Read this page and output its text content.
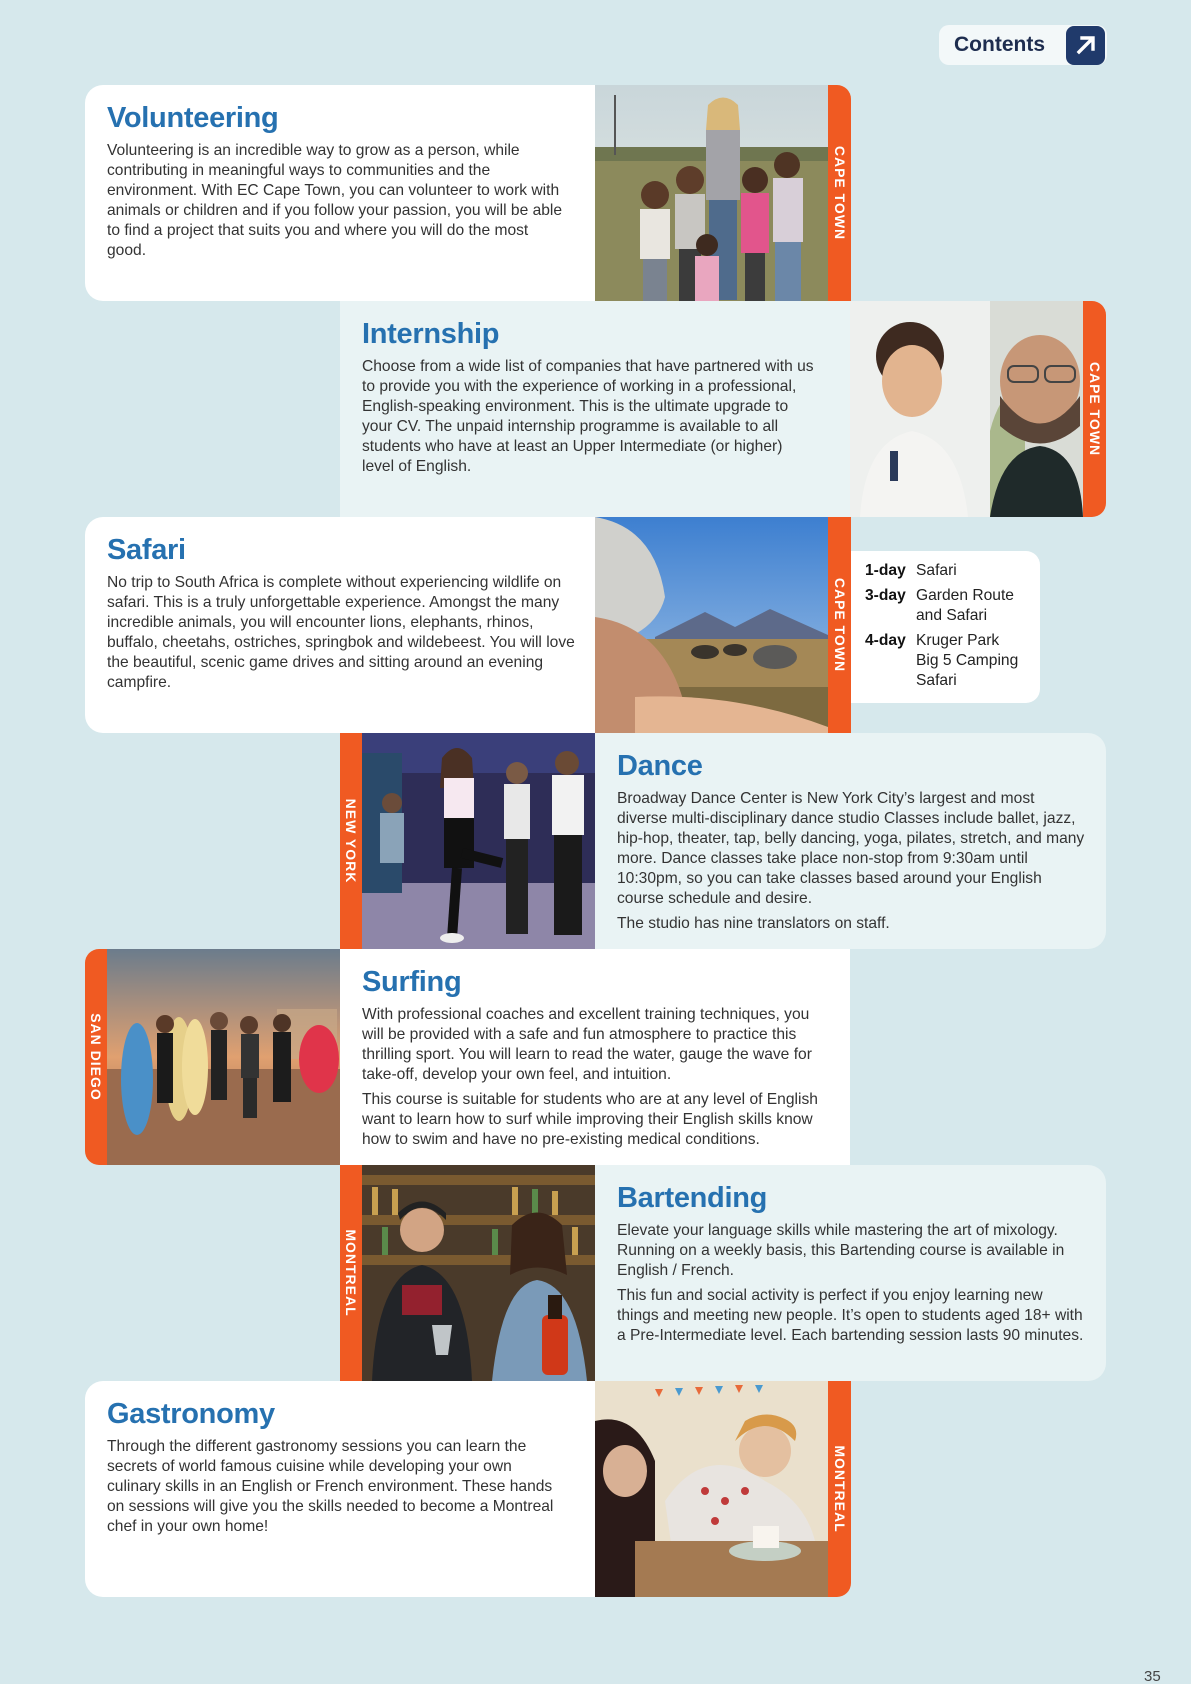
Contents
Volunteering

Volunteering is an incredible way to grow as a person, while contributing in meaningful ways to communities and the environment. With EC Cape Town, you can volunteer to work with animals or children and if you follow your passion, you will be able to find a project that suits you and where you will do the most good.

CAPE TOWN
Internship

Choose from a wide list of companies that have partnered with us to provide you with the experience of working in a professional, English-speaking environment. This is the ultimate upgrade to your CV. The unpaid internship programme is available to all students who have at least an Upper Intermediate (or higher) level of English.

CAPE TOWN
Safari

No trip to South Africa is complete without experiencing wildlife on safari. This is a truly unforgettable experience. Amongst the many incredible animals, you will encounter lions, elephants, rhinos, buffalo, cheetahs, ostriches, springbok and wildebeest. You will love the beautiful, scenic game drives and sitting around an evening campfire.

CAPE TOWN
1-day Safari
3-day Garden Route and Safari
4-day Kruger Park Big 5 Camping Safari
NEW YORK
Dance

Broadway Dance Center is New York City’s largest and most diverse multi-disciplinary dance studio Classes include ballet, jazz, hip-hop, theater, tap, belly dancing, yoga, pilates, stretch, and many more. Dance classes take place non-stop from 9:30am until 10:30pm, so you can take classes based around your English course schedule and desire.

The studio has nine translators on staff.

SAN DIEGO
Surfing

With professional coaches and excellent training techniques, you will be provided with a safe and fun atmosphere to practice this thrilling sport. You will learn to read the water, gauge the wave for take-off, develop your own feel, and intuition.

This course is suitable for students who are at any level of English want to learn how to surf while improving their English skills know how to swim and have no pre-existing medical conditions.

MONTREAL
Bartending

Elevate your language skills while mastering the art of mixology. Running on a weekly basis, this Bartending course is available in English / French.

This fun and social activity is perfect if you enjoy learning new things and meeting new people. It’s open to students aged 18+ with a Pre-Intermediate level. Each bartending session lasts 90 minutes.

Gastronomy

Through the different gastronomy sessions you can learn the secrets of world famous cuisine while developing your own culinary skills in an English or French environment. These hands on sessions will give you the skills needed to become a Montreal chef in your own home!	MONTREAL
35
